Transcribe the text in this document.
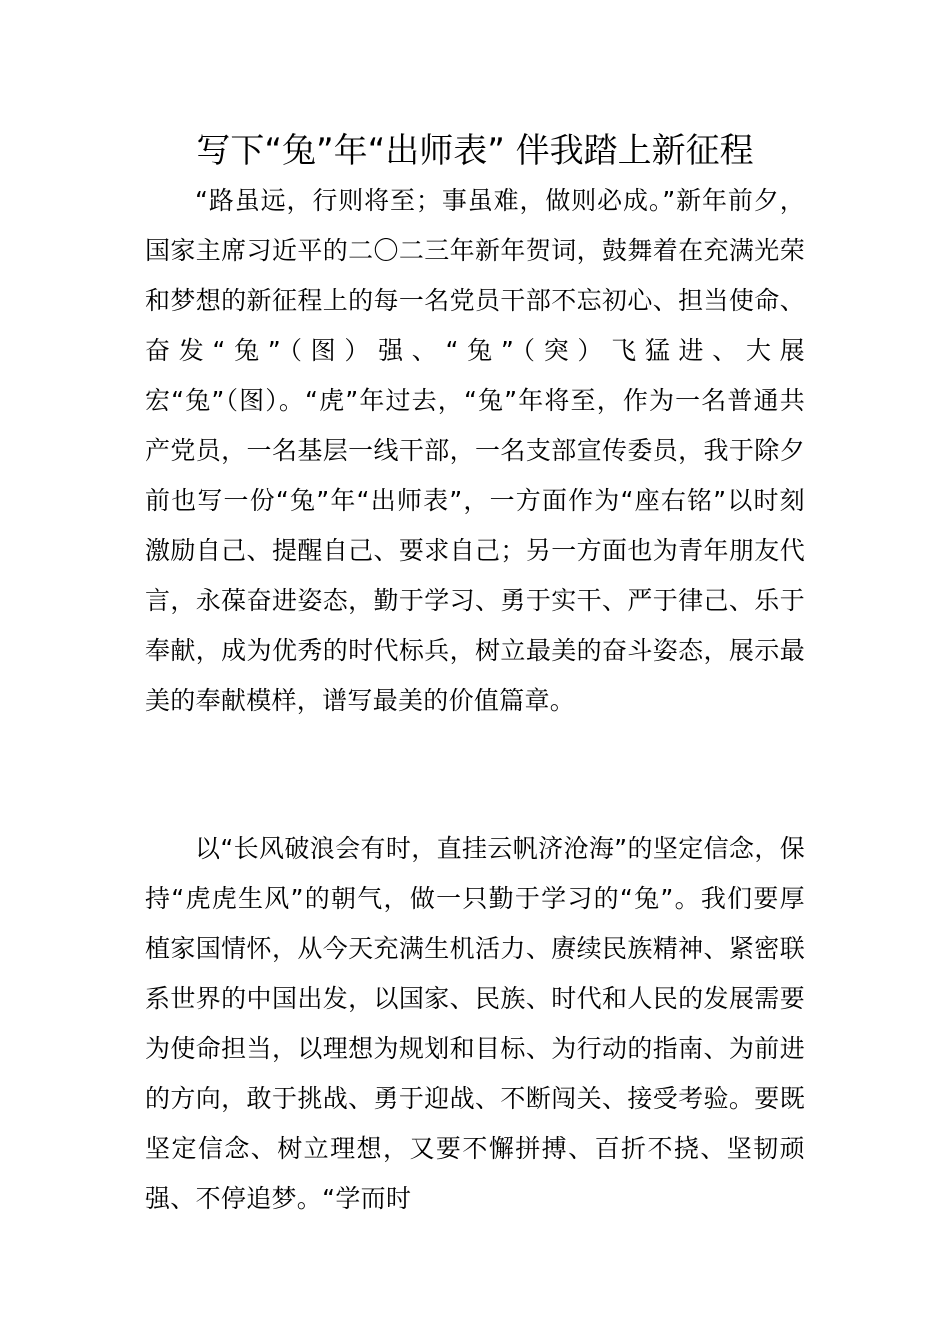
写下“兔”年“出师表” 伴我踏上新征程

“路虽远，行则将至；事虽难，做则必成。”新年前夕，国家主席习近平的二〇二三年新年贺词，鼓舞着在充满光荣和梦想的新征程上的每一名党员干部不忘初心、担当使命、奋发“兔”（图）强、“兔”（突）飞猛进、大展宏“兔”（图）。“虎”年过去，“兔”年将至，作为一名普通共产党员，一名基层一线干部，一名支部宣传委员，我于除夕前也写一份“兔”年“出师表”，一方面作为“座右铭”以时刻激励自己、提醒自己、要求自己；另一方面也为青年朋友代言，永葆奋进姿态，勤于学习、勇于实干、严于律己、乐于奉献，成为优秀的时代标兵，树立最美的奋斗姿态，展示最美的奉献模样，谱写最美的价值篇章。

以“长风破浪会有时，直挂云帆济沧海”的坚定信念，保持“虎虎生风”的朝气，做一只勤于学习的“兔”。我们要厚植家国情怀，从今天充满生机活力、赓续民族精神、紧密联系世界的中国出发，以国家、民族、时代和人民的发展需要为使命担当，以理想为规划和目标、为行动的指南、为前进的方向，敢于挑战、勇于迎战、不断闯关、接受考验。要既坚定信念、树立理想，又要不懈拼搏、百折不挠、坚韧顽强、不停追梦。“学而时
